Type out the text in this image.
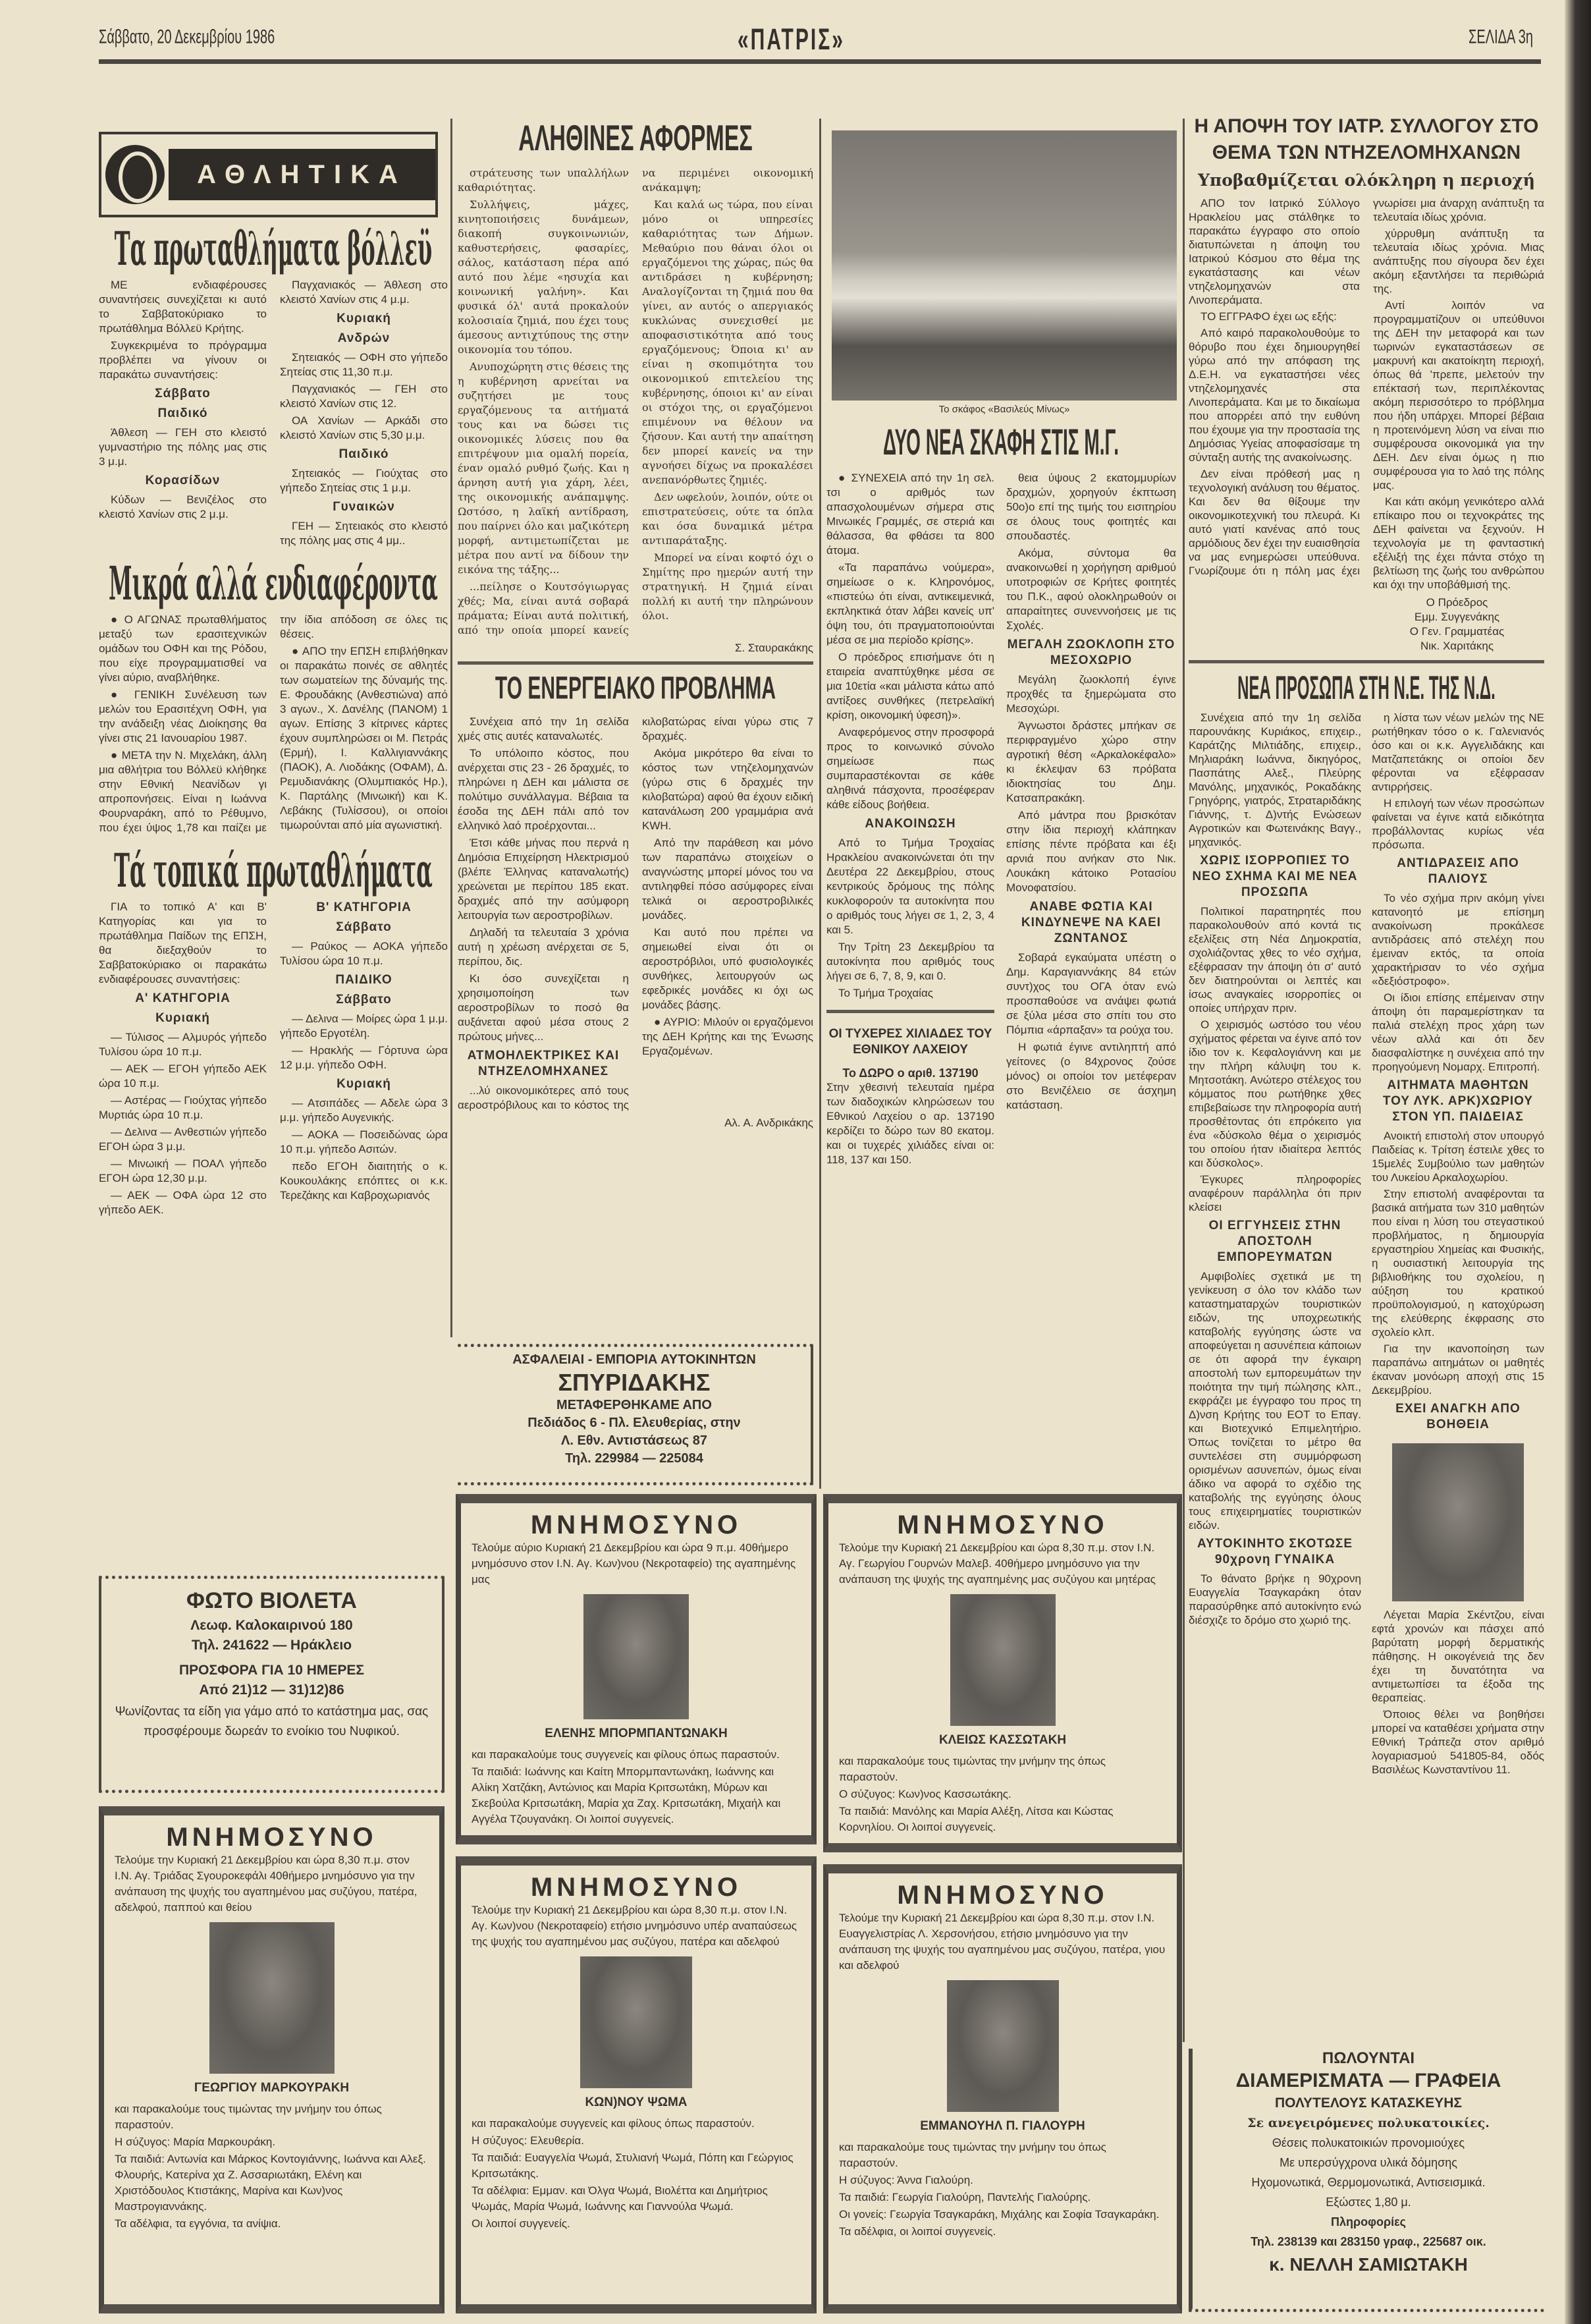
Σάββατο, 20 Δεκεμβρίου 1986	«ΠΑΤΡΙΣ»	ΣΕΛΙΔΑ 3η
ΑΘΛΗΤΙΚΑ
Τα πρωταθλήματα βόλλεϋ

ΜΕ ενδιαφέρουσες συναντήσεις συνεχίζεται κι αυτό το Σαββατοκύριακο το πρωτάθλημα Βόλλεϋ Κρήτης.

Συγκεκριμένα το πρόγραμμα προβλέπει να γίνουν οι παρακάτω συναντήσεις:

Σάββατο
Παιδικό

Άθλεση — ΓΕΗ στο κλειστό γυμναστήριο της πόλης μας στις 3 μ.μ.

Κορασίδων

Κύδων — Βενιζέλος στο κλειστό Χανίων στις 2 μ.μ.

Παγχανιακός — Άθλεση στο κλειστό Χανίων στις 4 μ.μ.

Κυριακή
Ανδρών

Σητειακός — ΟΦΗ στο γήπεδο Σητείας στις 11,30 π.μ.

Παγχανιακός — ΓΕΗ στο κλειστό Χανίων στις 12.

ΟΑ Χανίων — Αρκάδι στο κλειστό Χανίων στις 5,30 μ.μ.

Παιδικό

Σητειακός — Γιούχτας στο γήπεδο Σητείας στις 1 μ.μ.

Γυναικών

ΓΕΗ — Σητειακός στο κλειστό της πόλης μας στις 4 μμ..

Μικρά αλλά ενδιαφέροντα

● Ο ΑΓΩΝΑΣ πρωταθλήματος μεταξύ των ερασιτεχνικών ομάδων του ΟΦΗ και της Ρόδου, που είχε προγραμματισθεί να γίνει αύριο, αναβλήθηκε.

● ΓΕΝΙΚΗ Συνέλευση των μελών του Ερασιτέχνη ΟΦΗ, για την ανάδειξη νέας Διοίκησης θα γίνει στις 21 Ιανουαρίου 1987.

● ΜΕΤΑ την Ν. Μιχελάκη, άλλη μια αθλήτρια του Βόλλεϋ κλήθηκε στην Εθνική Νεανίδων γι απροπονήσεις. Είναι η Ιωάννα Φουρναράκη, από το Ρέθυμνο, που έχει ύψος 1,78 και παίζει με την ίδια απόδοση σε όλες τις θέσεις.

● ΑΠΟ την ΕΠΣΗ επιβλήθηκαν οι παρακάτω ποινές σε αθλητές των σωματείων της δύναμής της. Ε. Φρουδάκης (Ανθεστιώνα) από 3 αγων., Χ. Δανέλης (ΠΑΝΟΜ) 1 αγων. Επίσης 3 κίτρινες κάρτες έχουν συμπληρώσει οι Μ. Πετράς (Ερμή), Ι. Καλλιγιαννάκης (ΠΑΟΚ), Α. Λιοδάκης (ΟΦΑΜ), Δ. Ρεμυδιανάκης (Ολυμπιακός Ηρ.), Κ. Παρτάλης (Μινωική) και Κ. Λεβάκης (Τυλίσσου), οι οποίοι τιμωρούνται από μία αγωνιστική.

Τά τοπικά πρωταθλήματα

ΓΙΑ το τοπικό Α' και Β' Κατηγορίας και για το πρωτάθλημα Παίδων της ΕΠΣΗ, θα διεξαχθούν το Σαββατοκύριακο οι παρακάτω ενδιαφέρουσες συναντήσεις:

Α' ΚΑΤΗΓΟΡΙΑ
Κυριακή

— Τύλισος — Αλμυρός γήπεδο Τυλίσου ώρα 10 π.μ.

— ΑΕΚ — ΕΓΟΗ γήπεδο ΑΕΚ ώρα 10 π.μ.

— Αστέρας — Γιούχτας γήπεδο Μυρτιάς ώρα 10 π.μ.

— Δελινα — Ανθεστιών γήπεδο ΕΓΟΗ ώρα 3 μ.μ.

— Μινωική — ΠΟΑΛ γήπεδο ΕΓΟΗ ώρα 12,30 μ.μ.

— ΑΕΚ — ΟΦΑ ώρα 12 στο γήπεδο ΑΕΚ.

Β' ΚΑΤΗΓΟΡΙΑ
Σάββατο

— Ραύκος — ΑΟΚΑ γήπεδο Τυλίσου ώρα 10 π.μ.

ΠΑΙΔΙΚΟ
Σάββατο

— Δελινα — Μοίρες ώρα 1 μ.μ. γήπεδο Εργοτέλη.

— Ηρακλής — Γόρτυνα ώρα 12 μ.μ. γήπεδο ΟΦΗ.

Κυριακή

— Ατσιπάδες — Αδελε ώρα 3 μ.μ. γήπεδο Αυγενικής.

— ΑΟΚΑ — Ποσειδώνας ώρα 10 π.μ. γήπεδο Ασιτών.

πεδο ΕΓΟΗ διαιτητής ο κ. Κουκουλάκης επόπτες οι κ.κ. Τερεζάκης και Καβροχωριανός

ΦΩΤΟ ΒΙΟΛΕΤΑ
Λεωφ. Καλοκαιρινού 180
Τηλ. 241622 — Ηράκλειο
ΠΡΟΣΦΟΡΑ ΓΙΑ 10 ΗΜΕΡΕΣ
Από 21)12 — 31)12)86
Ψωνίζοντας τα είδη για γάμο από το κατάστημα μας, σας προσφέρουμε δωρεάν το ενοίκιο του Νυφικού.
ΜΝΗΜΟΣΥΝΟ

Τελούμε την Κυριακή 21 Δεκεμβρίου και ώρα 8,30 π.μ. στον Ι.Ν. Αγ. Τριάδας Σγουροκεφάλι 40θήμερο μνημόσυνο για την ανάπαυση της ψυχής του αγαπημένου μας συζύγου, πατέρα, αδελφού, παππού και θείου

ΓΕΩΡΓΙΟΥ ΜΑΡΚΟΥΡΑΚΗ

και παρακαλούμε τους τιμώντας την μνήμην του όπως παραστούν.

Η σύζυγος: Μαρία Μαρκουράκη.

Τα παιδιά: Αντωνία και Μάρκος Κοντογιάννης, Ιωάννα και Αλεξ. Φλουρής, Κατερίνα χα Ζ. Ασσαριωτάκη, Ελένη και Χριστόδουλος Κτιστάκης, Μαρίνα και Κων)νος Μαστρογιαννάκης.

Τα αδέλφια, τα εγγόνια, τα ανίψια.

ΑΛΗΘΙΝΕΣ ΑΦΟΡΜΕΣ

στράτευσης των υπαλλήλων καθαριότητας.

Συλλήψεις, μάχες, κινητοποιήσεις δυνάμεων, διακοπή συγκοινωνιών, καθυστερήσεις, φασαρίες, σάλος, κατάσταση πέρα από αυτό που λέμε «ησυχία και κοινωνική γαλήνη». Και φυσικά όλ' αυτά προκαλούν κολοσιαία ζημιά, που έχει τους άμεσους αντιχτύπους της στην οικονομία του τόπου.

Ανυποχώρητη στις θέσεις της η κυβέρνηση αρνείται να συζητήσει με τους εργαζόμενους τα αιτήματά τους και να δώσει τις οικονομικές λύσεις που θα επιτρέψουν μια ομαλή πορεία, έναν ομαλό ρυθμό ζωής. Και η άρνηση αυτή για χάρη, λέει, της οικονομικής ανάπαμψης. Ωστόσο, η λαϊκή αντίδραση, που παίρνει όλο και μαζικότερη μορφή, αντιμετωπίζεται με μέτρα που αντί να δίδουν την εικόνα της τάξης...

...πείλησε ο Κουτσόγιωργας χθές; Μα, είναι αυτά σοβαρά πράματα; Είναι αυτά πολιτική, από την οποία μπορεί κανείς να περιμένει οικονομική ανάκαμψη;

Και καλά ως τώρα, που είναι μόνο οι υπηρεσίες καθαριότητας των Δήμων. Μεθαύριο που θάναι όλοι οι εργαζόμενοι της χώρας, πώς θα αντιδράσει η κυβέρνηση; Αναλογίζονται τη ζημιά που θα γίνει, αν αυτός ο απεργιακός κυκλώνας συνεχισθεί με αποφασιστικότητα από τους εργαζόμενους; Όποια κι' αν είναι η σκοπιμότητα του οικονομικού επιτελείου της κυβέρνησης, όποιοι κι' αν είναι οι στόχοι της, οι εργαζόμενοι επιμένουν να θέλουν να ζήσουν. Και αυτή την απαίτηση δεν μπορεί κανείς να την αγνοήσει δίχως να προκαλέσει ανεπανόρθωτες ζημιές.

Δεν ωφελούν, λοιπόν, ούτε οι επιστρατεύσεις, ούτε τα όπλα και όσα δυναμικά μέτρα αντιπαράταξης.

Μπορεί να είναι κοφτό όχι ο Σημίτης προ ημερών αυτή την στρατηγική. Η ζημιά είναι πολλή κι αυτή την πληρώνουν όλοι.

Σ. Σταυρακάκης
ΤΟ ΕΝΕΡΓΕΙΑΚΟ ΠΡΟΒΛΗΜΑ

Συνέχεια από την 1η σελίδα χμές στις αυτές καταναλωτές.

Το υπόλοιπο κόστος, που ανέρχεται στις 23 - 26 δραχμές, το πληρώνει η ΔΕΗ και μάλιστα σε πολύτιμο συνάλλαγμα. Βέβαια τα έσοδα της ΔΕΗ πάλι από τον ελληνικό λαό προέρχονται...

Έτσι κάθε μήνας που περνά η Δημόσια Επιχείρηση Ηλεκτρισμού (βλέπε Έλληνας καταναλωτής) χρεώνεται με περίπου 185 εκατ. δραχμές από την ασύμφορη λειτουργία των αεροστροβίλων.

Δηλαδή τα τελευταία 3 χρόνια αυτή η χρέωση ανέρχεται σε 5, περίπου, δις.

Κι όσο συνεχίζεται η χρησιμοποίηση των αεροστροβίλων το ποσό θα αυξάνεται αφού μέσα στους 2 πρώτους μήνες...

ΑΤΜΟΗΛΕΚΤΡΙΚΕΣ ΚΑΙ ΝΤΗΖΕΛΟΜΗΧΑΝΕΣ

...λύ οικονομικότερες από τους αεροστρόβιλους και το κόστος της κιλοβατώρας είναι γύρω στις 7 δραχμές.

Ακόμα μικρότερο θα είναι το κόστος των ντηζελομηχανών (γύρω στις 6 δραχμές την κιλοβατώρα) αφού θα έχουν ειδική κατανάλωση 200 γραμμάρια ανά KWH.

Από την παράθεση και μόνο των παραπάνω στοιχείων ο αναγνώστης μπορεί μόνος του να αντιληφθεί πόσο ασύμφορες είναι τελικά οι αεροστροβιλικές μονάδες.

Και αυτό που πρέπει να σημειωθεί είναι ότι οι αεροστρόβιλοι, υπό φυσιολογικές συνθήκες, λειτουργούν ως εφεδρικές μονάδες κι όχι ως μονάδες βάσης.

● ΑΥΡΙΟ: Μιλούν οι εργαζόμενοι της ΔΕΗ Κρήτης και της Ένωσης Εργαζομένων.

Αλ. Α. Ανδρικάκης
ΑΣΦΑΛΕΙΑΙ - ΕΜΠΟΡΙΑ ΑΥΤΟΚΙΝΗΤΩΝ
ΣΠΥΡΙΔΑΚΗΣ
ΜΕΤΑΦΕΡΘΗΚΑΜΕ ΑΠΟ
Πεδιάδος 6 - Πλ. Ελευθερίας, στην
Λ. Εθν. Αντιστάσεως 87
Τηλ. 229984 — 225084
ΜΝΗΜΟΣΥΝΟ

Τελούμε αύριο Κυριακή 21 Δεκεμβρίου και ώρα 9 π.μ. 40θήμερο μνημόσυνο στον Ι.Ν. Αγ. Κων)νου (Νεκροταφείο) της αγαπημένης μας

ΕΛΕΝΗΣ ΜΠΟΡΜΠΑΝΤΩΝΑΚΗ

και παρακαλούμε τους συγγενείς και φίλους όπως παραστούν.

Τα παιδιά: Ιωάννης και Καίτη Μπορμπαντωνάκη, Ιωάννης και Αλίκη Χατζάκη, Αντώνιος και Μαρία Κριτσωτάκη, Μύρων και Σκεβούλα Κριτσωτάκη, Μαρία χα Ζαχ. Κριτσωτάκη, Μιχαήλ και Αγγέλα Τζουγανάκη. Οι λοιποί συγγενείς.

ΜΝΗΜΟΣΥΝΟ

Τελούμε την Κυριακή 21 Δεκεμβρίου και ώρα 8,30 π.μ. στον Ι.Ν. Αγ. Κων)νου (Νεκροταφείο) ετήσιο μνημόσυνο υπέρ αναπαύσεως της ψυχής του αγαπημένου μας συζύγου, πατέρα και αδελφού

ΚΩΝ)ΝΟΥ ΨΩΜΑ

και παρακαλούμε συγγενείς και φίλους όπως παραστούν.

Η σύζυγος: Ελευθερία.

Τα παιδιά: Ευαγγελία Ψωμά, Στυλιανή Ψωμά, Πόπη και Γεώργιος Κριτσωτάκης.

Τα αδέλφια: Εμμαν. και Όλγα Ψωμά, Βιολέττα και Δημήτριος Ψωμάς, Μαρία Ψωμά, Ιωάννης και Γιαννούλα Ψωμά.

Οι λοιποί συγγενείς.

Το σκάφος «Βασιλεύς Μίνως»
ΔΥΟ ΝΕΑ ΣΚΑΦΗ ΣΤΙΣ Μ.Γ.

● ΣΥΝΕΧΕΙΑ από την 1η σελ. τσι ο αριθμός των απασχολουμένων σήμερα στις Μινωικές Γραμμές, σε στεριά και θάλασσα, θα φθάσει τα 800 άτομα.

«Τα παραπάνω νούμερα», σημείωσε ο κ. Κληρονόμος, «πιστεύω ότι είναι, αντικειμενικά, εκπληκτικά όταν λάβει κανείς υπ' όψη του, ότι πραγματοποιούνται μέσα σε μια περίοδο κρίσης».

Ο πρόεδρος επισήμανε ότι η εταιρεία αναπτύχθηκε μέσα σε μια 10ετία «και μάλιστα κάτω από αντίξοες συνθήκες (πετρελαϊκή κρίση, οικονομική ύφεση)».

Αναφερόμενος στην προσφορά προς το κοινωνικό σύνολο σημείωσε πως συμπαραστέκονται σε κάθε αληθινά πάσχοντα, προσέφεραν κάθε είδους βοήθεια.

ΑΝΑΚΟΙΝΩΣΗ

Από το Τμήμα Τροχαίας Ηρακλείου ανακοινώνεται ότι την Δευτέρα 22 Δεκεμβρίου, στους κεντρικούς δρόμους της πόλης κυκλοφορούν τα αυτοκίνητα που ο αριθμός τους λήγει σε 1, 2, 3, 4 και 5.

Την Τρίτη 23 Δεκεμβρίου τα αυτοκίνητα που αριθμός τους λήγει σε 6, 7, 8, 9, και 0.

Το Τμήμα Τροχαίας

ΟΙ ΤΥΧΕΡΕΣ ΧΙΛΙΑΔΕΣ ΤΟΥ ΕΘΝΙΚΟΥ ΛΑΧΕΙΟΥ
Το ΔΩΡΟ ο αριθ. 137190
Στην χθεσινή τελευταία ημέρα των διαδοχικών κληρώσεων του Εθνικού Λαχείου ο αρ. 137190 κερδίζει το δώρο των 80 εκατομ. και οι τυχερές χιλιάδες είναι οι: 118, 137 και 150.

θεια ύψους 2 εκατομμυρίων δραχμών, χορηγούν έκπτωση 50ο)ο επί της τιμής του εισιτηρίου σε όλους τους φοιτητές και σπουδαστές.

Ακόμα, σύντομα θα ανακοινωθεί η χορήγηση αριθμού υποτροφιών σε Κρήτες φοιτητές του Π.Κ., αφού ολοκληρωθούν οι απαραίτητες συνεννοήσεις με τις Σχολές.

ΜΕΓΑΛΗ ΖΩΟΚΛΟΠΗ ΣΤΟ ΜΕΣΟΧΩΡΙΟ

Μεγάλη ζωοκλοπή έγινε προχθές τα ξημερώματα στο Μεσοχώρι.

Άγνωστοι δράστες μπήκαν σε περιφραγμένο χώρο στην αγροτική θέση «Αρκαλοκέφαλο» κι έκλεψαν 63 πρόβατα ιδιοκτησίας του Δημ. Κατσαπρακάκη.

Από μάντρα που βρισκόταν στην ίδια περιοχή κλάπηκαν επίσης πέντε πρόβατα και έξι αρνιά που ανήκαν στο Νικ. Λουκάκη κάτοικο Ροτασίου Μονοφατσίου.

ΑΝΑΒΕ ΦΩΤΙΑ ΚΑΙ ΚΙΝΔΥΝΕΨΕ ΝΑ ΚΑΕΙ ΖΩΝΤΑΝΟΣ

Σοβαρά εγκαύματα υπέστη ο Δημ. Καραγιαννάκης 84 ετών συντ)χος του ΟΓΑ όταν ενώ προσπαθούσε να ανάψει φωτιά σε ξύλα μέσα στο σπίτι του στο Πόμπια «άρπαξαν» τα ρούχα του.

Η φωτιά έγινε αντιληπτή από γείτονες (ο 84χρονος ζούσε μόνος) οι οποίοι τον μετέφεραν στο Βενιζέλειο σε άσχημη κατάσταση.

ΜΝΗΜΟΣΥΝΟ

Τελούμε την Κυριακή 21 Δεκεμβρίου και ώρα 8,30 π.μ. στον Ι.Ν. Αγ. Γεωργίου Γουρνών Μαλεβ. 40θήμερο μνημόσυνο για την ανάπαυση της ψυχής της αγαπημένης μας συζύγου και μητέρας

ΚΛΕΙΩΣ ΚΑΣΣΩΤΑΚΗ

και παρακαλούμε τους τιμώντας την μνήμην της όπως παραστούν.

Ο σύζυγος: Κων)νος Κασσωτάκης.

Τα παιδιά: Μανόλης και Μαρία Αλέξη, Λίτσα και Κώστας Κορνηλίου. Οι λοιποί συγγενείς.

ΜΝΗΜΟΣΥΝΟ

Τελούμε την Κυριακή 21 Δεκεμβρίου και ώρα 8,30 π.μ. στον Ι.Ν. Ευαγγελιστρίας Λ. Χερσονήσου, ετήσιο μνημόσυνο για την ανάπαυση της ψυχής του αγαπημένου μας συζύγου, πατέρα, γιου και αδελφού

ΕΜΜΑΝΟΥΗΛ Π. ΓΙΑΛΟΥΡΗ

και παρακαλούμε τους τιμώντας την μνήμην του όπως παραστούν.

Η σύζυγος: Άννα Γιαλούρη.

Τα παιδιά: Γεωργία Γιαλούρη, Παντελής Γιαλούρης.

Οι γονείς: Γεωργία Τσαγκαράκη, Μιχάλης και Σοφία Τσαγκαράκη.

Τα αδέλφια, οι λοιποί συγγενείς.

Η ΑΠΟΨΗ ΤΟΥ ΙΑΤΡ. ΣΥΛΛΟΓΟΥ ΣΤΟ ΘΕΜΑ ΤΩΝ ΝΤΗΖΕΛΟΜΗΧΑΝΩΝ
Υποβαθμίζεται ολόκληρη η περιοχή

ΑΠΟ τον Ιατρικό Σύλλογο Ηρακλείου μας στάλθηκε το παρακάτω έγγραφο στο οποίο διατυπώνεται η άποψη του Ιατρικού Κόσμου στο θέμα της εγκατάστασης και νέων ντηζελομηχανών στα Λινοπεράματα.

ΤΟ ΕΓΓΡΑΦΟ έχει ως εξής:

Από καιρό παρακολουθούμε το θόρυβο που έχει δημιουργηθεί γύρω από την απόφαση της Δ.Ε.Η. να εγκαταστήσει νέες ντηζελομηχανές στα Λινοπεράματα. Και με το δικαίωμα που απορρέει από την ευθύνη που έχουμε για την προστασία της Δημόσιας Υγείας αποφασίσαμε τη σύνταξη αυτής της ανακοίνωσης.

Δεν είναι πρόθεσή μας η τεχνολογική ανάλυση του θέματος. Και δεν θα θίξουμε την οικονομικοτεχνική του πλευρά. Κι αυτό γιατί κανένας από τους αρμόδιους δεν έχει την ευαισθησία να μας ενημερώσει υπεύθυνα. Γνωρίζουμε ότι η πόλη μας έχει γνωρίσει μια άναρχη ανάπτυξη τα τελευταία ιδίως χρόνια.

χύρρυθμη ανάπτυξη τα τελευταία ιδίως χρόνια. Μιας ανάπτυξης που σίγουρα δεν έχει ακόμη εξαντλήσει τα περιθώριά της.

Αντί λοιπόν να προγραμματίζουν οι υπεύθυνοι της ΔΕΗ την μεταφορά και των τωρινών εγκαταστάσεων σε μακρυνή και ακατοίκητη περιοχή, όπως θά 'πρεπε, μελετούν την επέκτασή των, περιπλέκοντας ακόμη περισσότερο το πρόβλημα που ήδη υπάρχει. Μπορεί βέβαια η προτεινόμενη λύση να είναι πιο συμφέρουσα οικονομικά για την ΔΕΗ. Δεν είναι όμως η πιο συμφέρουσα για το λαό της πόλης μας.

Και κάτι ακόμη γενικότερο αλλά επίκαιρο που οι τεχνοκράτες της ΔΕΗ φαίνεται να ξεχνούν. Η τεχνολογία με τη φανταστική εξέλιξή της έχει πάντα στόχο τη βελτίωση της ζωής του ανθρώπου και όχι την υποβάθμισή της.

Ο Πρόεδρος
Εμμ. Συγγενάκης
Ο Γεν. Γραμματέας
Νικ. Χαριτάκης
ΝΕΑ ΠΡΟΣΩΠΑ ΣΤΗ Ν.Ε. ΤΗΣ Ν.Δ.

Συνέχεια από την 1η σελίδα παρουνάκης Κυριάκος, επιχειρ., Καράτζης Μιλτιάδης, επιχειρ., Μηλιαράκη Ιωάννα, δικηγόρος, Πασπάτης Αλεξ., Πλεύρης Μανόλης, μηχανικός, Ροκαδάκης Γρηγόρης, γιατρός, Στρατaριδάκης Γιάννης, τ. Δ)ντής Ενώσεων Αγροτικών και Φωτεινάκης Βαγγ., μηχανικός.

ΧΩΡΙΣ ΙΣΟΡΡΟΠΙΕΣ ΤΟ ΝΕΟ ΣΧΗΜΑ ΚΑΙ ΜΕ ΝΕΑ ΠΡΟΣΩΠΑ

Πολιτικοί παρατηρητές που παρακολουθούν από κοντά τις εξελίξεις στη Νέα Δημοκρατία, σχολιάζοντας χθες το νέο σχήμα, εξέφρασαν την άποψη ότι σ' αυτό δεν διατηρούνται οι λεπτές και ίσως αναγκαίες ισορροπίες οι οποίες υπήρχαν πριν.

Ο χειρισμός ωστόσο του νέου σχήματος φέρεται να έγινε από τον ίδιο τον κ. Κεφαλογιάννη και με την πλήρη κάλυψη του κ. Μητσοτάκη. Ανώτερο στέλεχος του κόμματος που ρωτήθηκε χθες επιβεβαίωσε την πληροφορία αυτή προσθέτοντας ότι επρόκειτο για ένα «δύσκολο θέμα ο χειρισμός του οποίου ήταν ιδιαίτερα λεπτός και δύσκολος».

Έγκυρες πληροφορίες αναφέρουν παράλληλα ότι πριν κλείσει

ΟΙ ΕΓΓΥΗΣΕΙΣ ΣΤΗΝ ΑΠΟΣΤΟΛΗ ΕΜΠΟΡΕΥΜΑΤΩΝ

Αμφιβολίες σχετικά με τη γενίκευση σ όλο τον κλάδο των καταστηματαρχών τουριστικών ειδών, της υποχρεωτικής καταβολής εγγύησης ώστε να αποφεύγεται η ασυνέπεια κάποιων σε ότι αφορά την έγκαιρη αποστολή των εμπορευμάτων την ποιότητα την τιμή πώλησης κλπ., εκφράζει με έγγραφο του προς τη Δ)νση Κρήτης του ΕΟΤ το Επαγ. και Βιοτεχνικό Επιμελητήριο. Όπως τονίζεται το μέτρο θα συντελέσει στη συμμόρφωση ορισμένων ασυνεπών, όμως είναι άδικο να αφορά το σχέδιο της καταβολής της εγγύησης όλους τους επιχειρηματίες τουριστικών ειδών.

ΑΥΤΟΚΙΝΗΤΟ ΣΚΟΤΩΣΕ 90χρονη ΓΥΝΑΙΚΑ

Το θάνατο βρήκε η 90χρονη Ευαγγελία Τσαγκαράκη όταν παρασύρθηκε από αυτοκίνητο ενώ διέσχιζε το δρόμο στο χωριό της.

η λίστα των νέων μελών της ΝΕ ρωτήθηκαν τόσο ο κ. Γαλενιανός όσο και οι κ.κ. Αγγελιδάκης και Ματζαπετάκης οι οποίοι δεν φέρονται να εξέφρασαν αντιρρήσεις.

Η επιλογή των νέων προσώπων φαίνεται να έγινε κατά ειδικότητα προβάλλοντας κυρίως νέα πρόσωπα.

ΑΝΤΙΔΡΑΣΕΙΣ ΑΠΟ ΠΑΛΙΟΥΣ

Το νέο σχήμα πριν ακόμη γίνει κατανοητό με επίσημη ανακοίνωση προκάλεσε αντιδράσεις από στελέχη που έμειναν εκτός, τα οποία χαρακτήρισαν το νέο σχήμα «δεξιόστροφο».

Οι ίδιοι επίσης επέμειναν στην άποψη ότι παραμερίστηκαν τα παλιά στελέχη προς χάρη των νέων αλλά και ότι δεν διασφαλίστηκε η συνέχεια από την προηγούμενη Νομαρχ. Επιτροπή.

ΑΙΤΗΜΑΤΑ ΜΑΘΗΤΩΝ ΤΟΥ ΛΥΚ. ΑΡΚ)ΧΩΡΙΟΥ ΣΤΟΝ ΥΠ. ΠΑΙΔΕΙΑΣ

Ανοικτή επιστολή στον υπουργό Παιδείας κ. Τρίτση έστειλε χθες το 15μελές Συμβούλιο των μαθητών του Λυκείου Αρκαλοχωρίου.

Στην επιστολή αναφέρονται τα βασικά αιτήματα των 310 μαθητών που είναι η λύση του στεγαστικού προβλήματος, η δημιουργία εργαστηρίου Χημείας και Φυσικής, η ουσιαστική λειτουργία της βιβλιοθήκης του σχολείου, η αύξηση του κρατικού προϋπολογισμού, η κατοχύρωση της ελεύθερης έκφρασης στο σχολείο κλπ.

Για την ικανοποίηση των παραπάνω αιτημάτων οι μαθητές έκαναν μονόωρη αποχή στις 15 Δεκεμβρίου.

ΕΧΕΙ ΑΝΑΓΚΗ ΑΠΟ ΒΟΗΘΕΙΑ

Λέγεται Μαρία Σκέντζου, είναι εφτά χρονών και πάσχει από βαρύτατη μορφή δερματικής πάθησης. Η οικογένειά της δεν έχει τη δυνατότητα να αντιμετωπίσει τα έξοδα της θεραπείας.

Όποιος θέλει να βοηθήσει μπορεί να καταθέσει χρήματα στην Εθνική Τράπεζα στον αριθμό λογαριασμού 541805-84, οδός Βασιλέως Κωνσταντίνου 11.

ΠΩΛΟΥΝΤΑΙ
ΔΙΑΜΕΡΙΣΜΑΤΑ — ΓΡΑΦΕΙΑ
ΠΟΛΥΤΕΛΟΥΣ ΚΑΤΑΣΚΕΥΗΣ
Σε ανεγειρόμενες πολυκατοικίες.
Θέσεις πολυκατοικιών προνομιούχες
Με υπερσύγχρονα υλικά δόμησης
Ηχομονωτικά, Θερμομονωτικά, Αντισεισμικά.
Εξώστες 1,80 μ.
Πληροφορίες
Τηλ. 238139 και 283150 γραφ., 225687 οικ.
κ. ΝΕΛΛΗ ΣΑΜΙΩΤΑΚΗ
